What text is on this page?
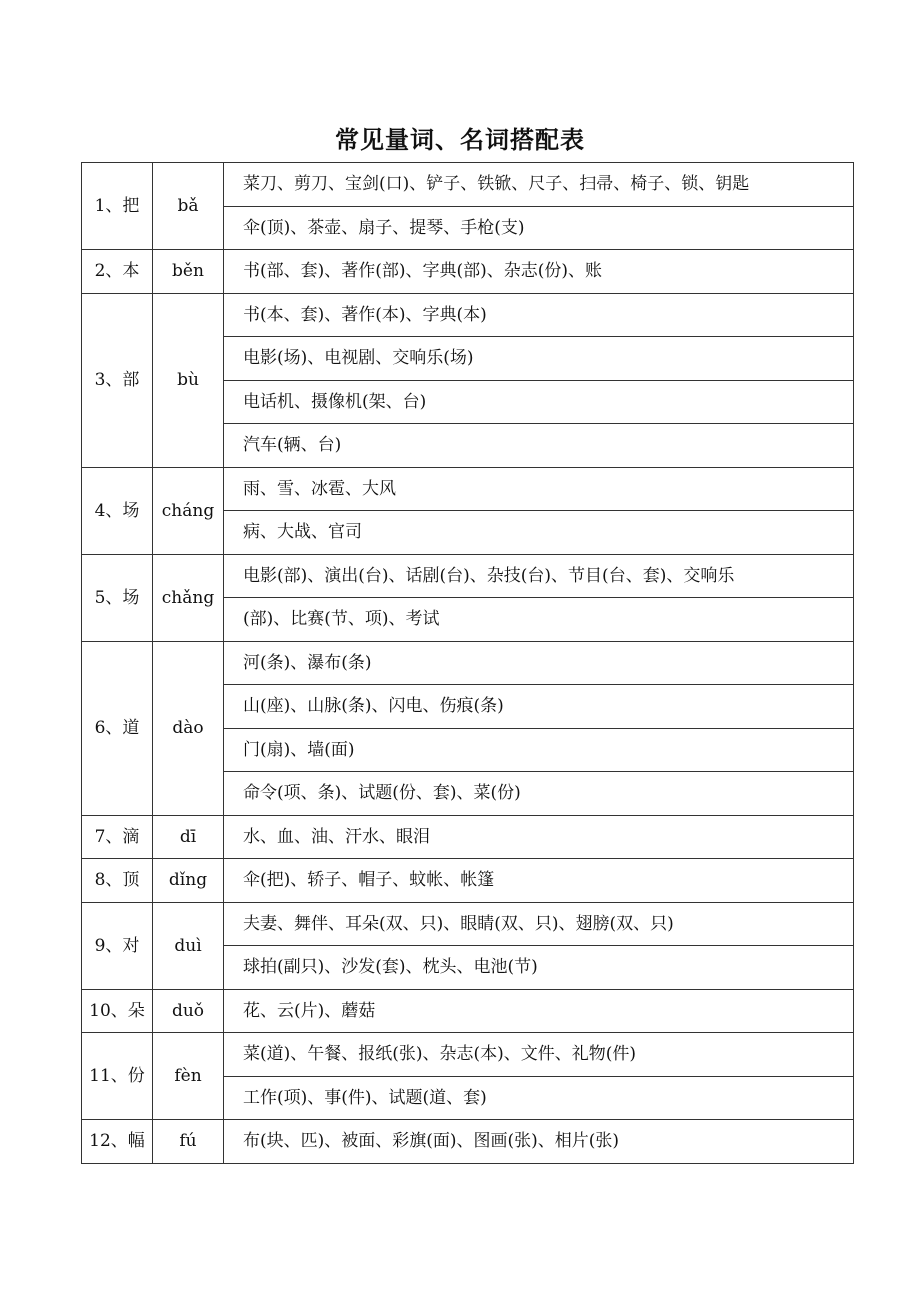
常见量词、名词搭配表
1、把	bǎ	菜刀、剪刀、宝剑(口)、铲子、铁锨、尺子、扫帚、椅子、锁、钥匙
		伞(顶)、茶壶、扇子、提琴、手枪(支)
2、本	běn	书(部、套)、著作(部)、字典(部)、杂志(份)、账
3、部	bù	书(本、套)、著作(本)、字典(本)
		电影(场)、电视剧、交响乐(场)
		电话机、摄像机(架、台)
		汽车(辆、台)
4、场	cháng	雨、雪、冰雹、大风
		病、大战、官司
5、场	chǎng	电影(部)、演出(台)、话剧(台)、杂技(台)、节目(台、套)、交响乐
		(部)、比赛(节、项)、考试
6、道	dào	河(条)、瀑布(条)
		山(座)、山脉(条)、闪电、伤痕(条)
		门(扇)、墙(面)
		命令(项、条)、试题(份、套)、菜(份)
7、滴	dī	水、血、油、汗水、眼泪
8、顶	dǐng	伞(把)、轿子、帽子、蚊帐、帐篷
9、对	duì	夫妻、舞伴、耳朵(双、只)、眼睛(双、只)、翅膀(双、只)
		球拍(副只)、沙发(套)、枕头、电池(节)
10、朵	duǒ	花、云(片)、蘑菇
11、份	fèn	菜(道)、午餐、报纸(张)、杂志(本)、文件、礼物(件)
		工作(项)、事(件)、试题(道、套)
12、幅	fú	布(块、匹)、被面、彩旗(面)、图画(张)、相片(张)
